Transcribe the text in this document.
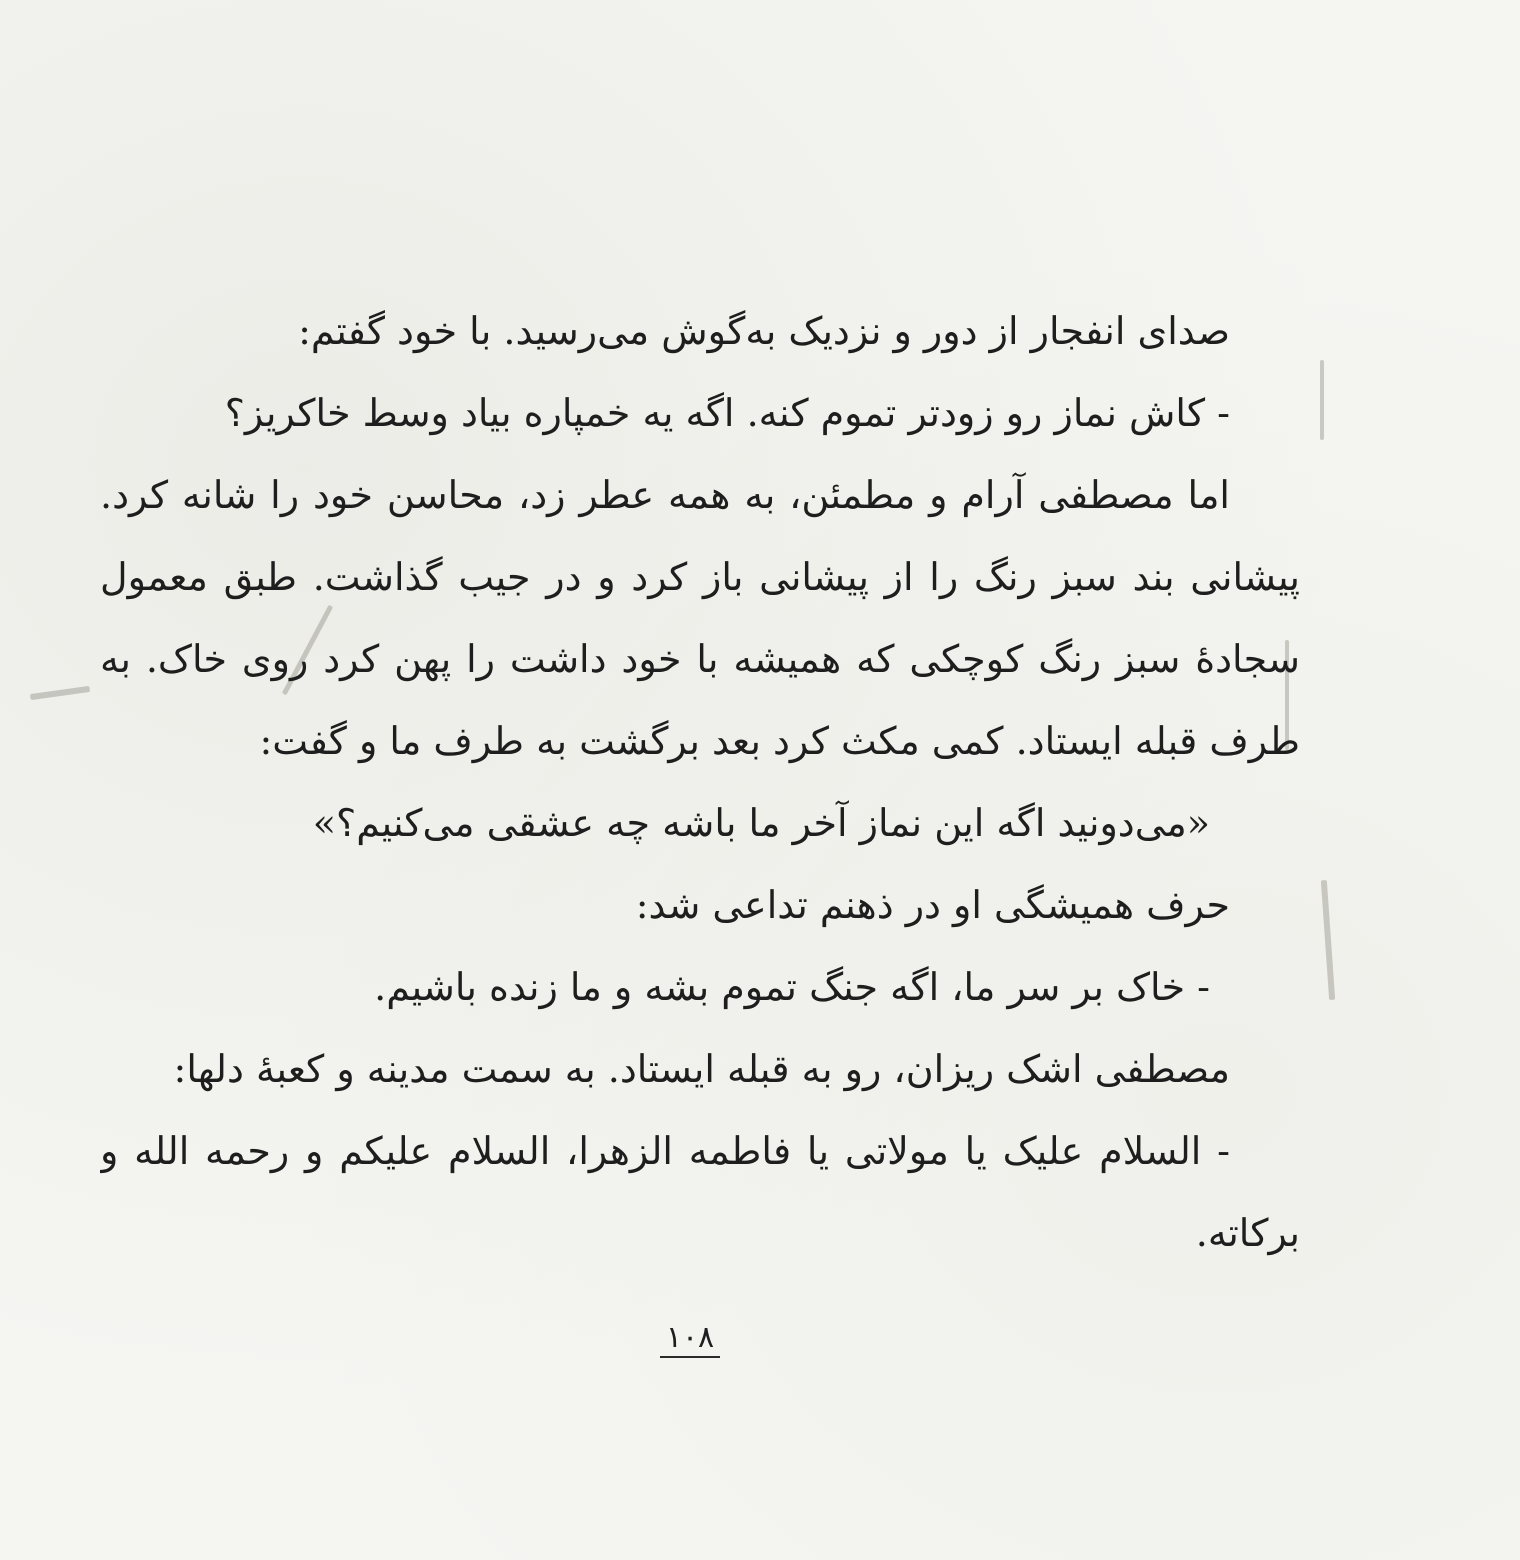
صدای انفجار از دور و نزدیک به‌گوش می‌رسید. با خود گفتم:
- کاش نماز رو زودتر تموم کنه. اگه یه خمپاره بیاد وسط خاکریز؟
اما مصطفی آرام و مطمئن، به همه عطر زد، محاسن خود را شانه کرد.
پیشانی بند سبز رنگ را از پیشانی باز کرد و در جیب گذاشت. طبق معمول
سجادۀ سبز رنگ کوچکی که همیشه با خود داشت را پهن کرد روی خاک. به
طرف قبله ایستاد. کمی مکث کرد بعد برگشت به طرف ما و گفت:
«می‌دونید اگه این نماز آخر ما باشه چه عشقی می‌کنیم؟»
حرف همیشگی او در ذهنم تداعی شد:
- خاک بر سر ما، اگه جنگ تموم بشه و ما زنده باشیم.
مصطفی اشک ریزان، رو به قبله ایستاد. به سمت مدینه و کعبۀ دلها:
- السلام علیک یا مولاتی یا فاطمه الزهرا، السلام علیکم و رحمه الله و
برکاته.
۱۰۸
